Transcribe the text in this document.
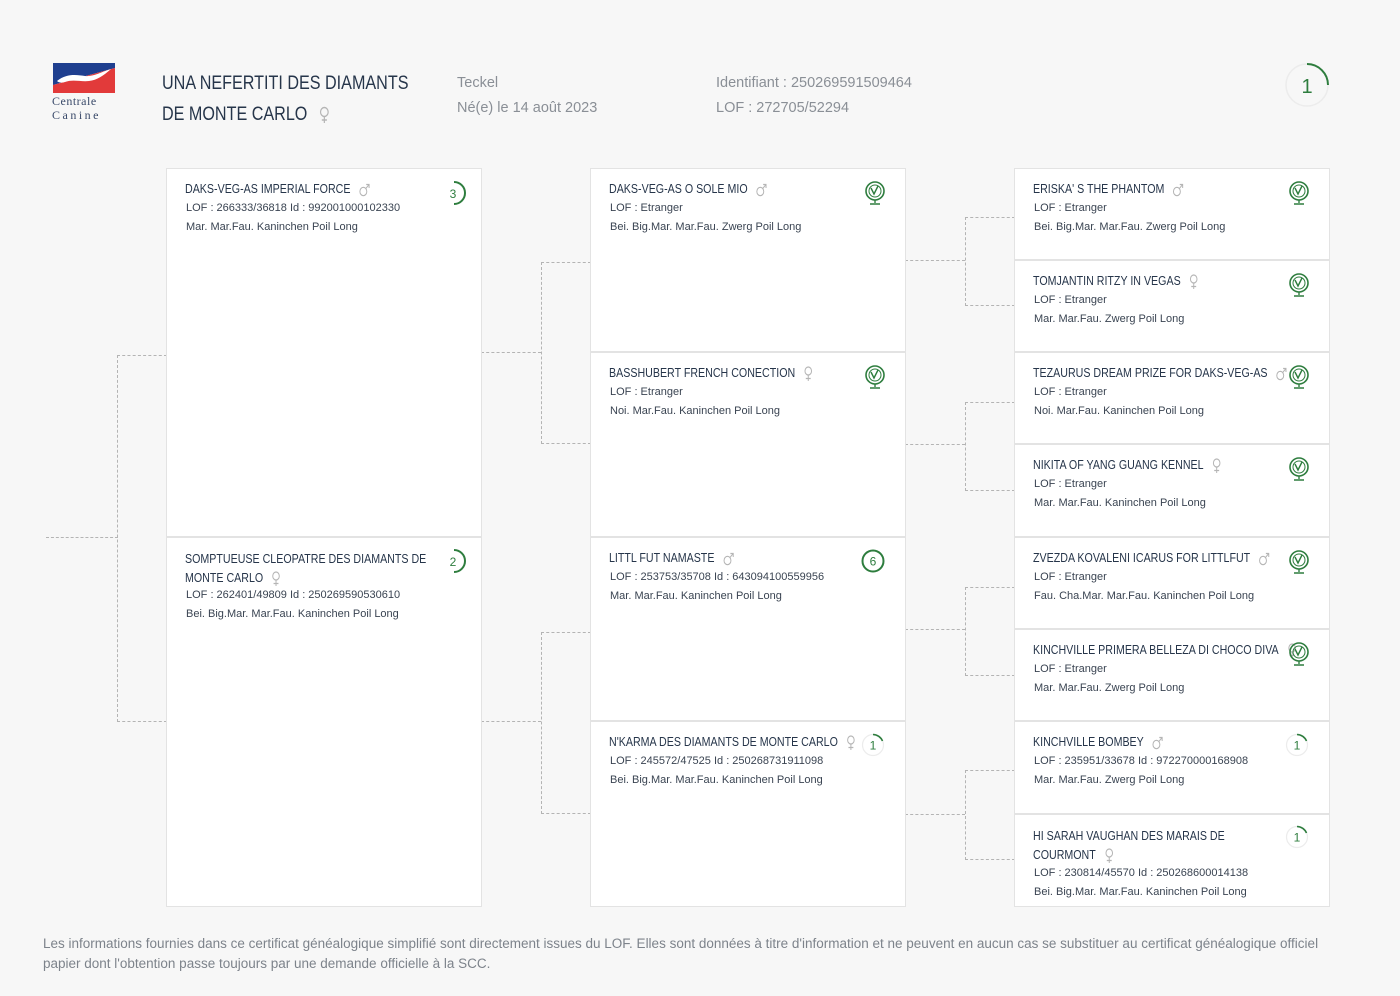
Centrale
Canine
UNA NEFERTITI DES DIAMANTS DE MONTE CARLO
Teckel
Né(e) le 14 août 2023
Identifiant : 250269591509464
LOF : 272705/52294
1
DAKS-VEG-AS IMPERIAL FORCE
LOF : 266333/36818 Id : 992001000102330
Mar. Mar.Fau. Kaninchen Poil Long
3
SOMPTUEUSE CLEOPATRE DES DIAMANTS DE MONTE CARLO
LOF : 262401/49809 Id : 250269590530610
Bei. Big.Mar. Mar.Fau. Kaninchen Poil Long
2
DAKS-VEG-AS O SOLE MIO
LOF : Etranger
Bei. Big.Mar. Mar.Fau. Zwerg Poil Long
BASSHUBERT FRENCH CONECTION
LOF : Etranger
Noi. Mar.Fau. Kaninchen Poil Long
LITTL FUT NAMASTE
LOF : 253753/35708 Id : 643094100559956
Mar. Mar.Fau. Kaninchen Poil Long
6
N'KARMA DES DIAMANTS DE MONTE CARLO
LOF : 245572/47525 Id : 250268731911098
Bei. Big.Mar. Mar.Fau. Kaninchen Poil Long
1
ERISKA' S THE PHANTOM
LOF : Etranger
Bei. Big.Mar. Mar.Fau. Zwerg Poil Long
TOMJANTIN RITZY IN VEGAS
LOF : Etranger
Mar. Mar.Fau. Zwerg Poil Long
TEZAURUS DREAM PRIZE FOR DAKS-VEG-AS
LOF : Etranger
Noi. Mar.Fau. Kaninchen Poil Long
NIKITA OF YANG GUANG KENNEL
LOF : Etranger
Mar. Mar.Fau. Kaninchen Poil Long
ZVEZDA KOVALENI ICARUS FOR LITTLFUT
LOF : Etranger
Fau. Cha.Mar. Mar.Fau. Kaninchen Poil Long
KINCHVILLE PRIMERA BELLEZA DI CHOCO DIVA
LOF : Etranger
Mar. Mar.Fau. Zwerg Poil Long
KINCHVILLE BOMBEY
LOF : 235951/33678 Id : 972270000168908
Mar. Mar.Fau. Zwerg Poil Long
1
HI SARAH VAUGHAN DES MARAIS DE COURMONT
LOF : 230814/45570 Id : 250268600014138
Bei. Big.Mar. Mar.Fau. Kaninchen Poil Long
1
Les informations fournies dans ce certificat généalogique simplifié sont directement issues du LOF. Elles sont données à titre d'information et ne peuvent en aucun cas se substituer au certificat généalogique officiel papier dont l'obtention passe toujours par une demande officielle à la SCC.
